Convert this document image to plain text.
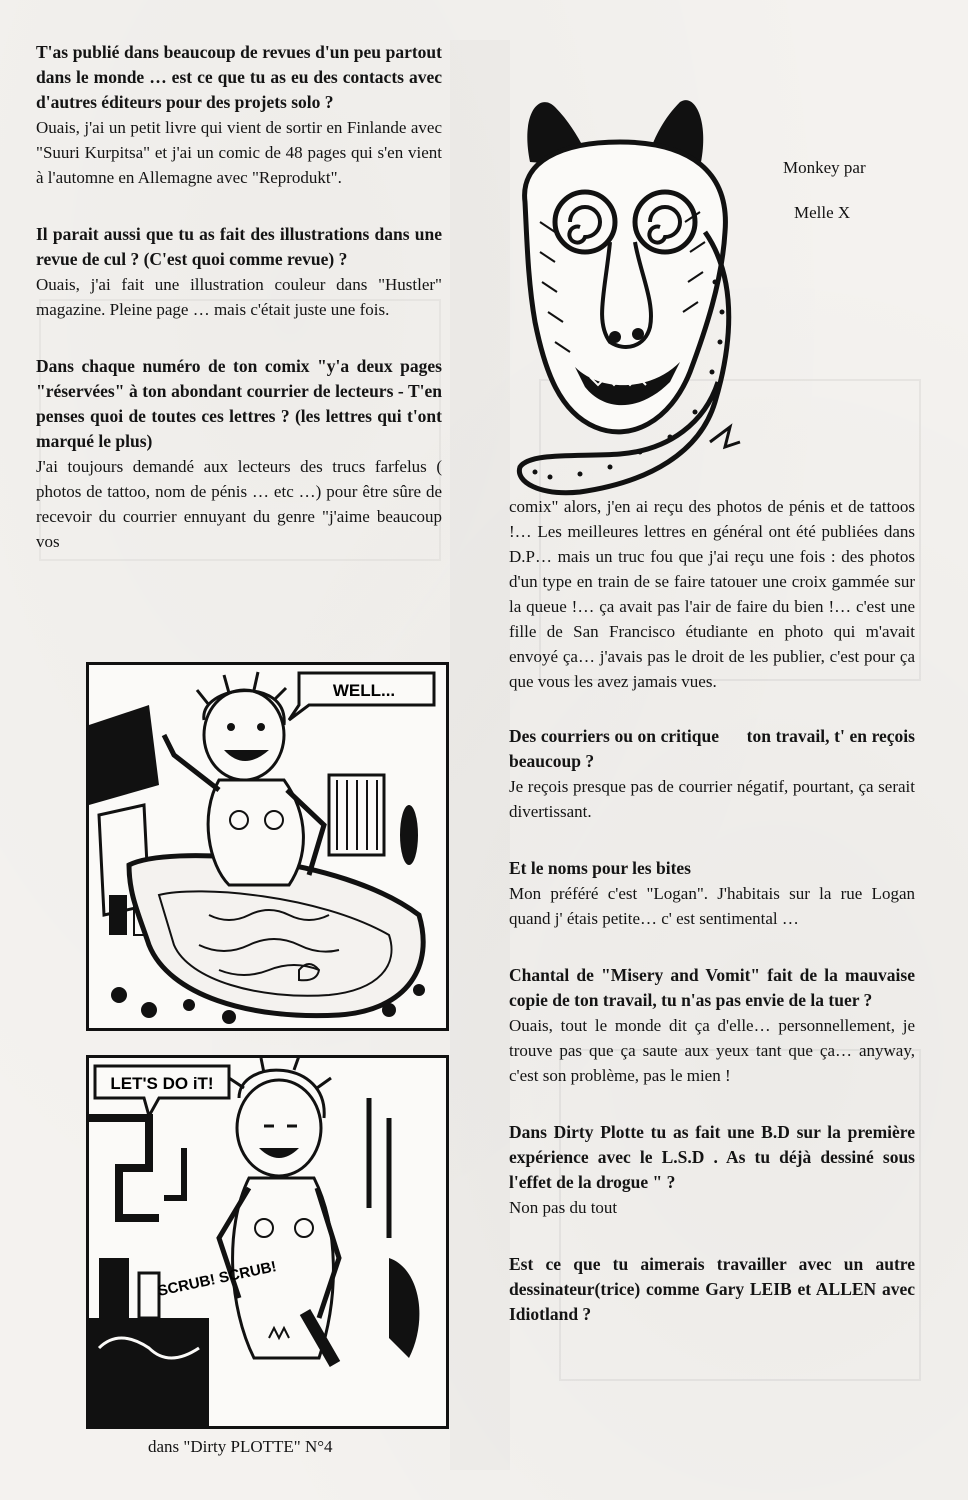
T'as publié dans beaucoup de revues d'un peu partout dans le monde … est ce que tu as eu des contacts avec d'autres éditeurs pour des projets solo ?

Ouais, j'ai un petit livre qui vient de sortir en Finlande avec "Suuri Kurpitsa" et j'ai un comic de 48 pages qui s'en vient à l'automne en Allemagne avec "Reprodukt".

Il parait aussi que tu as fait des illustrations dans une revue de cul ? (C'est quoi comme revue) ?

Ouais, j'ai fait une illustration couleur dans "Hustler" magazine. Pleine page … mais c'était juste une fois.

Dans chaque numéro de ton comix "y'a deux pages "réservées" à ton abondant courrier de lecteurs - T'en penses quoi de toutes ces lettres ? (les lettres qui t'ont marqué le plus)

J'ai toujours demandé aux lecteurs des trucs farfelus ( photos de tattoo, nom de pénis … etc …) pour être sûre de recevoir du courrier ennuyant du genre "j'aime beaucoup vos

WELL...
LET'S DO iT!
SCRUB! SCRUB!
dans "Dirty PLOTTE" N°4
Monkey par
Melle X

comix" alors, j'en ai reçu des photos de pénis et de tattoos !… Les meilleures lettres en général ont été publiées dans D.P… mais un truc fou que j'ai reçu une fois : des photos d'un type en train de se faire tatouer une croix gammée sur la queue !… ça avait pas l'air de faire du bien !… c'est une fille de San Francisco étudiante en photo qui m'avait envoyé ça… j'avais pas le droit de les publier, c'est pour ça que vous les avez jamais vues.

Des courriers ou on critique      ton travail, t' en reçois beaucoup ?

Je reçois presque pas de courrier négatif, pourtant, ça serait divertissant.

Et le noms pour les bites

Mon préféré c'est "Logan". J'habitais sur la rue Logan quand j' étais petite… c' est sentimental …

Chantal de "Misery and Vomit" fait de la mauvaise copie de ton travail, tu n'as pas envie de la tuer ?

Ouais, tout le monde dit ça d'elle… personnellement, je trouve pas que ça saute aux yeux tant que ça… anyway, c'est son problème, pas le mien !

Dans Dirty Plotte tu as fait une B.D sur la première expérience avec le L.S.D . As tu déjà dessiné sous l'effet de la drogue " ?

Non pas du tout

Est ce que tu aimerais travailler avec un autre dessinateur(trice) comme Gary LEIB et ALLEN avec Idiotland ?
